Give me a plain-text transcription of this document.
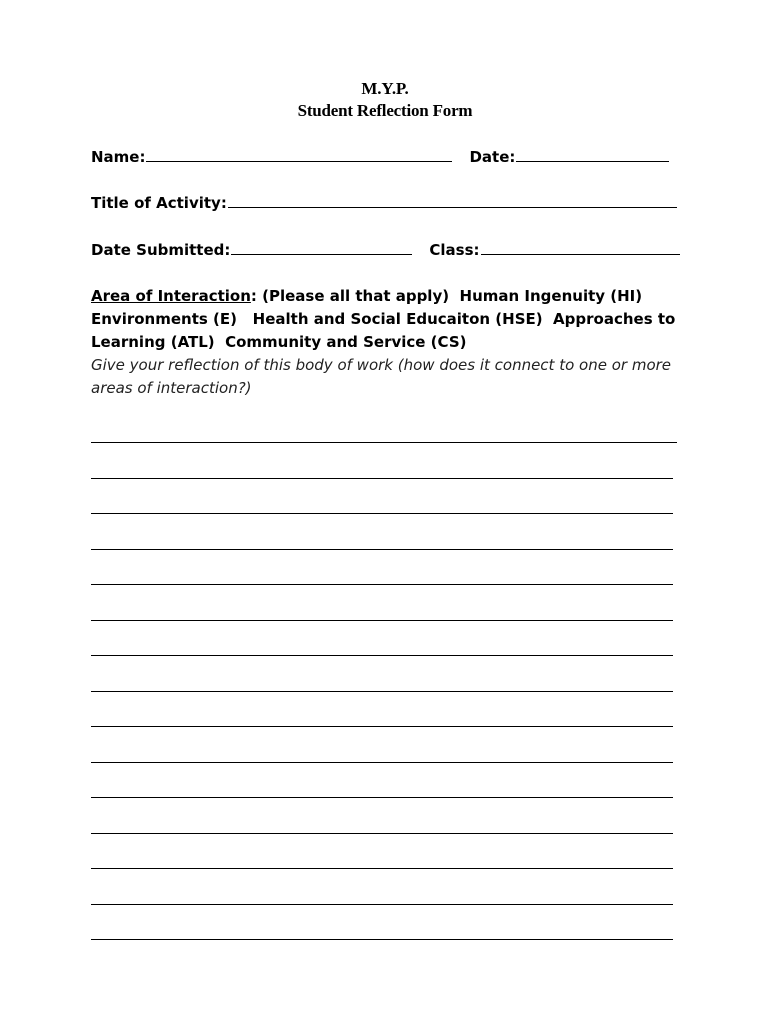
M.Y.P.
Student Reflection Form
Name:	Date:
Title of Activity:
Date Submitted:	Class:
Area of Interaction: (Please all that apply)  Human Ingenuity (HI)
Environments (E)   Health and Social Educaiton (HSE)  Approaches to
Learning (ATL)  Community and Service (CS)
Give your reflection of this body of work (how does it connect to one or more
areas of interaction?)
